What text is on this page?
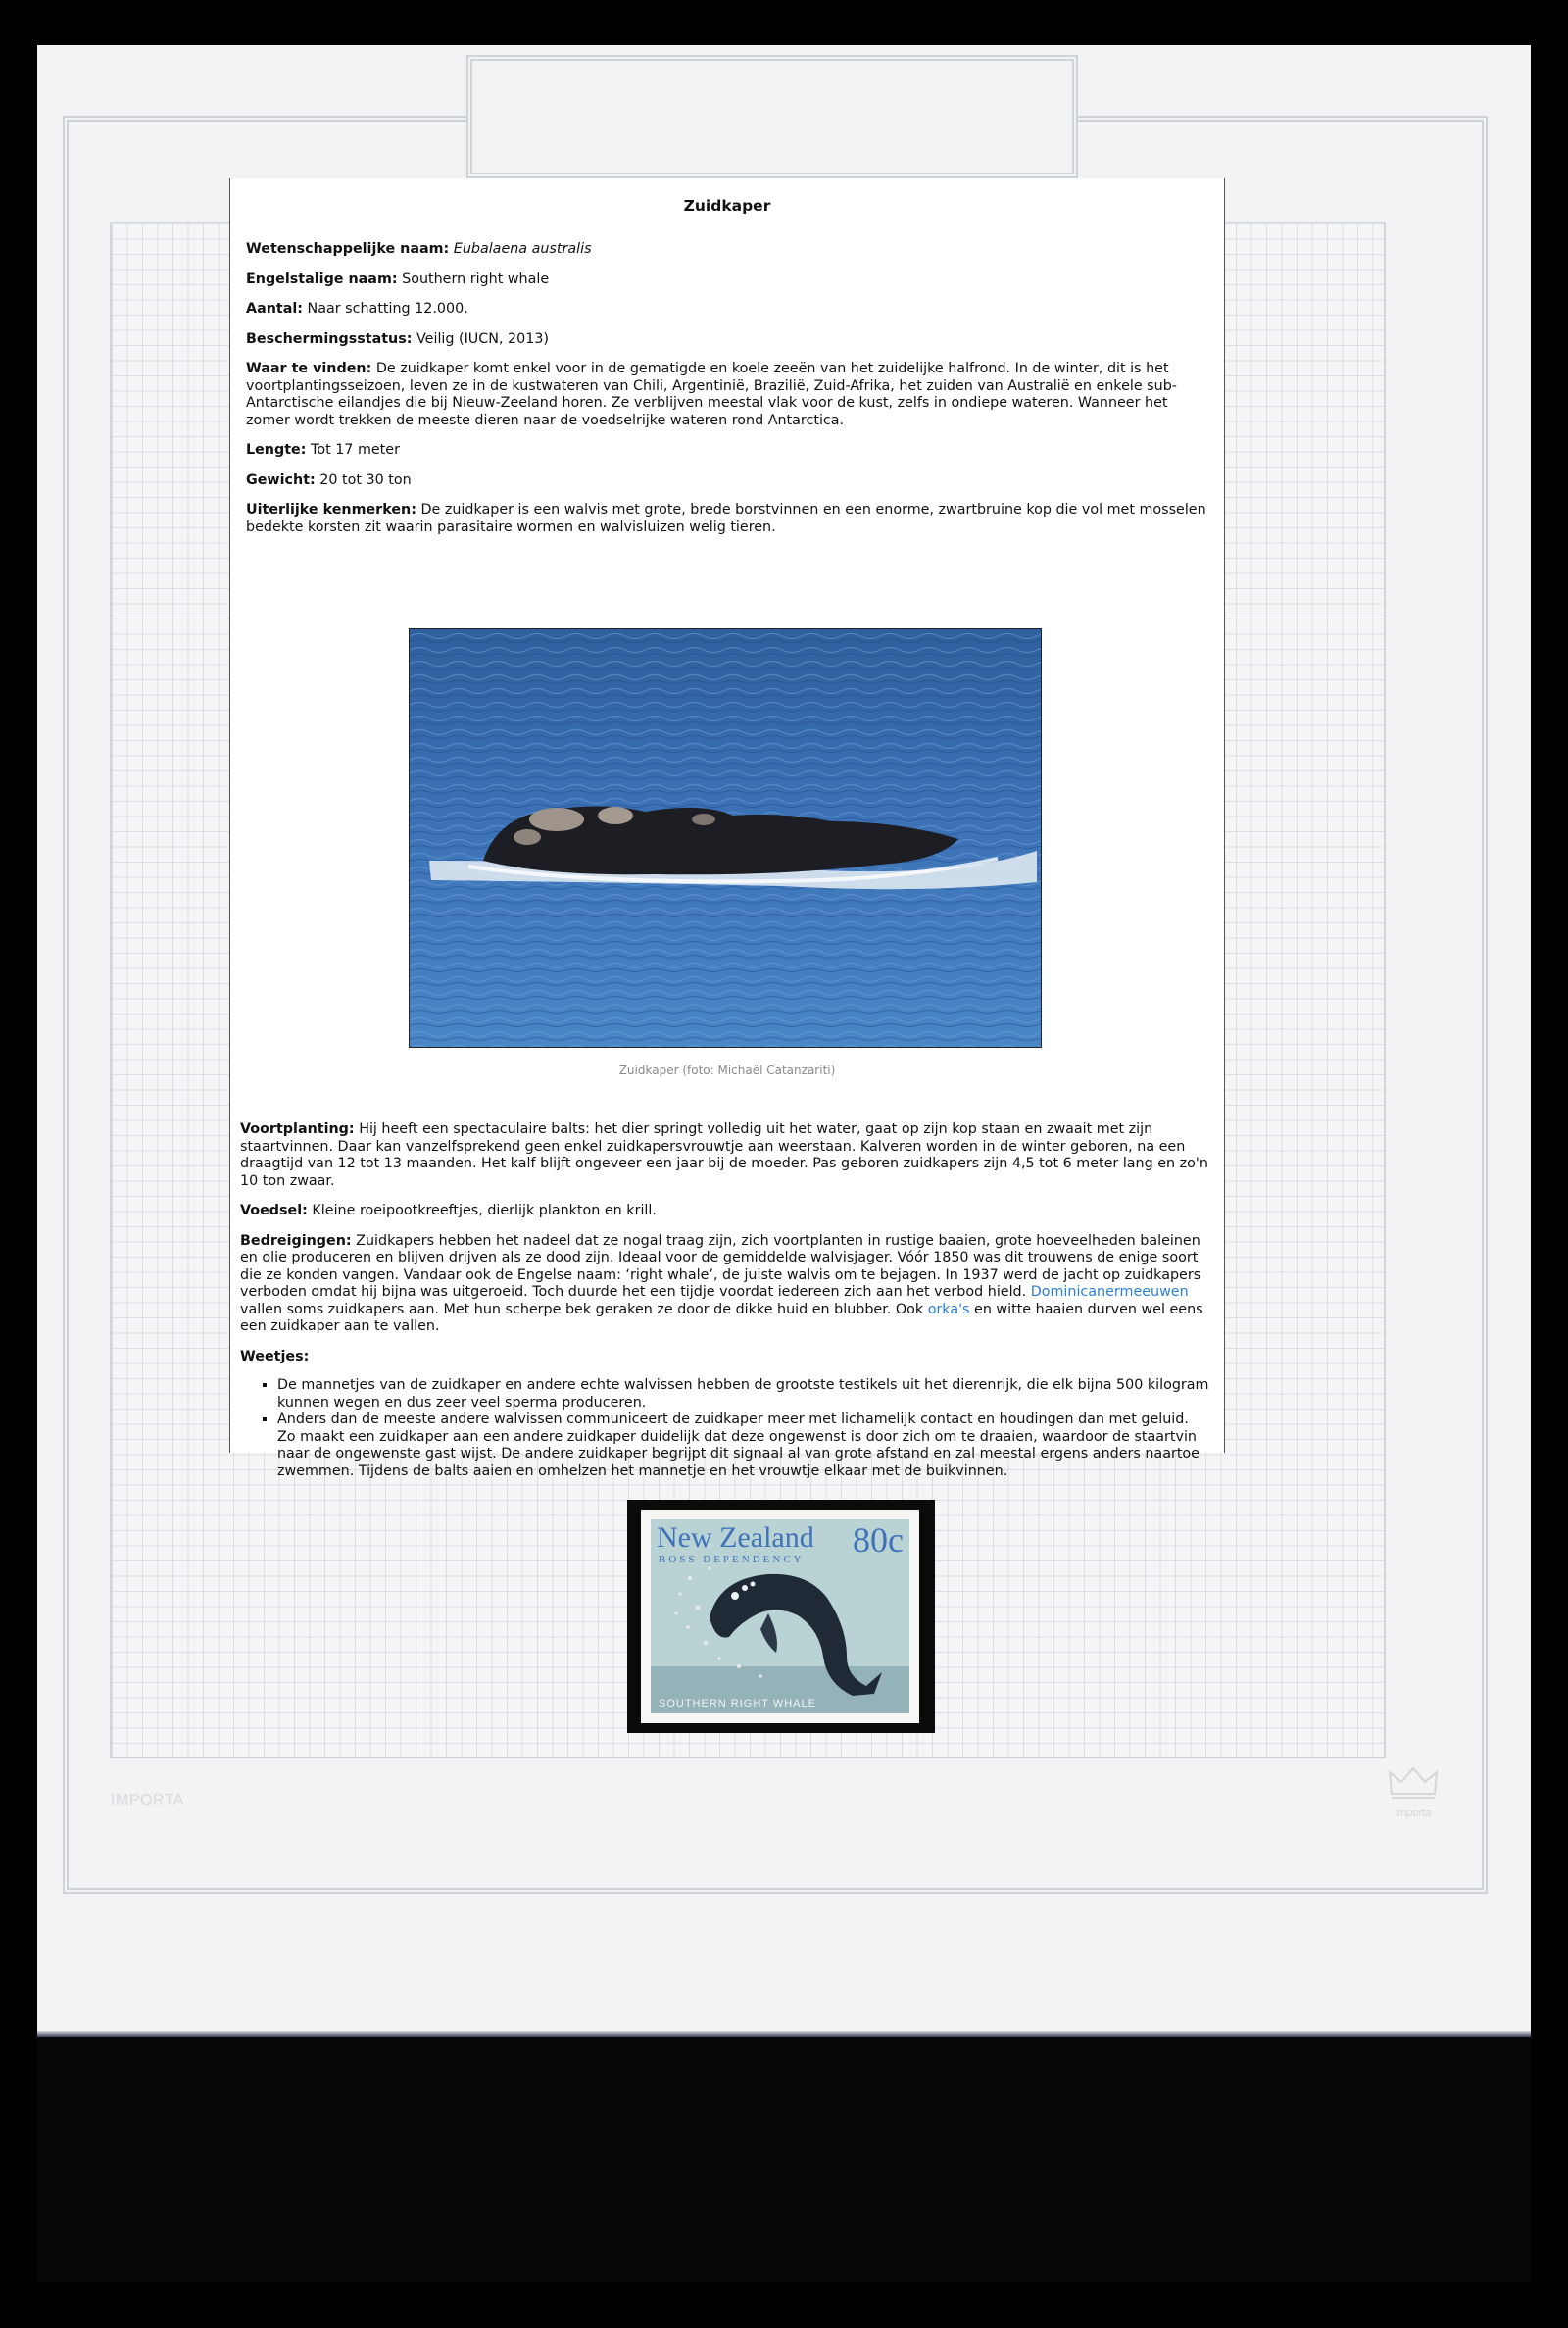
IMPORTA
importa
Zuidkaper

Wetenschappelijke naam: Eubalaena australis

Engelstalige naam: Southern right whale

Aantal: Naar schatting 12.000.

Beschermingsstatus: Veilig (IUCN, 2013)

Waar te vinden: De zuidkaper komt enkel voor in de gematigde en koele zeeën van het zuidelijke halfrond. In de winter, dit is het voortplantingsseizoen, leven ze in de kustwateren van Chili, Argentinië, Brazilië, Zuid-Afrika, het zuiden van Australië en enkele sub-Antarctische eilandjes die bij Nieuw-Zeeland horen. Ze verblijven meestal vlak voor de kust, zelfs in ondiepe wateren. Wanneer het zomer wordt trekken de meeste dieren naar de voedselrijke wateren rond Antarctica.

Lengte: Tot 17 meter

Gewicht: 20 tot 30 ton

Uiterlijke kenmerken: De zuidkaper is een walvis met grote, brede borstvinnen en een enorme, zwartbruine kop die vol met mosselen bedekte korsten zit waarin parasitaire wormen en walvisluizen welig tieren.

Zuidkaper (foto: Michaël Catanzariti)

Voortplanting: Hij heeft een spectaculaire balts: het dier springt volledig uit het water, gaat op zijn kop staan en zwaait met zijn staartvinnen. Daar kan vanzelfsprekend geen enkel zuidkapersvrouwtje aan weerstaan. Kalveren worden in de winter geboren, na een draagtijd van 12 tot 13 maanden. Het kalf blijft ongeveer een jaar bij de moeder. Pas geboren zuidkapers zijn 4,5 tot 6 meter lang en zo'n 10 ton zwaar.

Voedsel: Kleine roeipootkreeftjes, dierlijk plankton en krill.

Bedreigingen: Zuidkapers hebben het nadeel dat ze nogal traag zijn, zich voortplanten in rustige baaien, grote hoeveelheden baleinen en olie produceren en blijven drijven als ze dood zijn. Ideaal voor de gemiddelde walvisjager. Vóór 1850 was dit trouwens de enige soort die ze konden vangen. Vandaar ook de Engelse naam: ‘right whale’, de juiste walvis om te bejagen. In 1937 werd de jacht op zuidkapers verboden omdat hij bijna was uitgeroeid. Toch duurde het een tijdje voordat iedereen zich aan het verbod hield. Dominicanermeeuwen vallen soms zuidkapers aan. Met hun scherpe bek geraken ze door de dikke huid en blubber. Ook orka's en witte haaien durven wel eens een zuidkaper aan te vallen.

Weetjes:
▪ De mannetjes van de zuidkaper en andere echte walvissen hebben de grootste testikels uit het dierenrijk, die elk bijna 500 kilogram kunnen wegen en dus zeer veel sperma produceren.
▪ Anders dan de meeste andere walvissen communiceert de zuidkaper meer met lichamelijk contact en houdingen dan met geluid. Zo maakt een zuidkaper aan een andere zuidkaper duidelijk dat deze ongewenst is door zich om te draaien, waardoor de staartvin naar de ongewenste gast wijst. De andere zuidkaper begrijpt dit signaal al van grote afstand en zal meestal ergens anders naartoe zwemmen. Tijdens de balts aaien en omhelzen het mannetje en het vrouwtje elkaar met de buikvinnen.
New Zealand 80c
ROSS DEPENDENCY
SOUTHERN RIGHT WHALE
